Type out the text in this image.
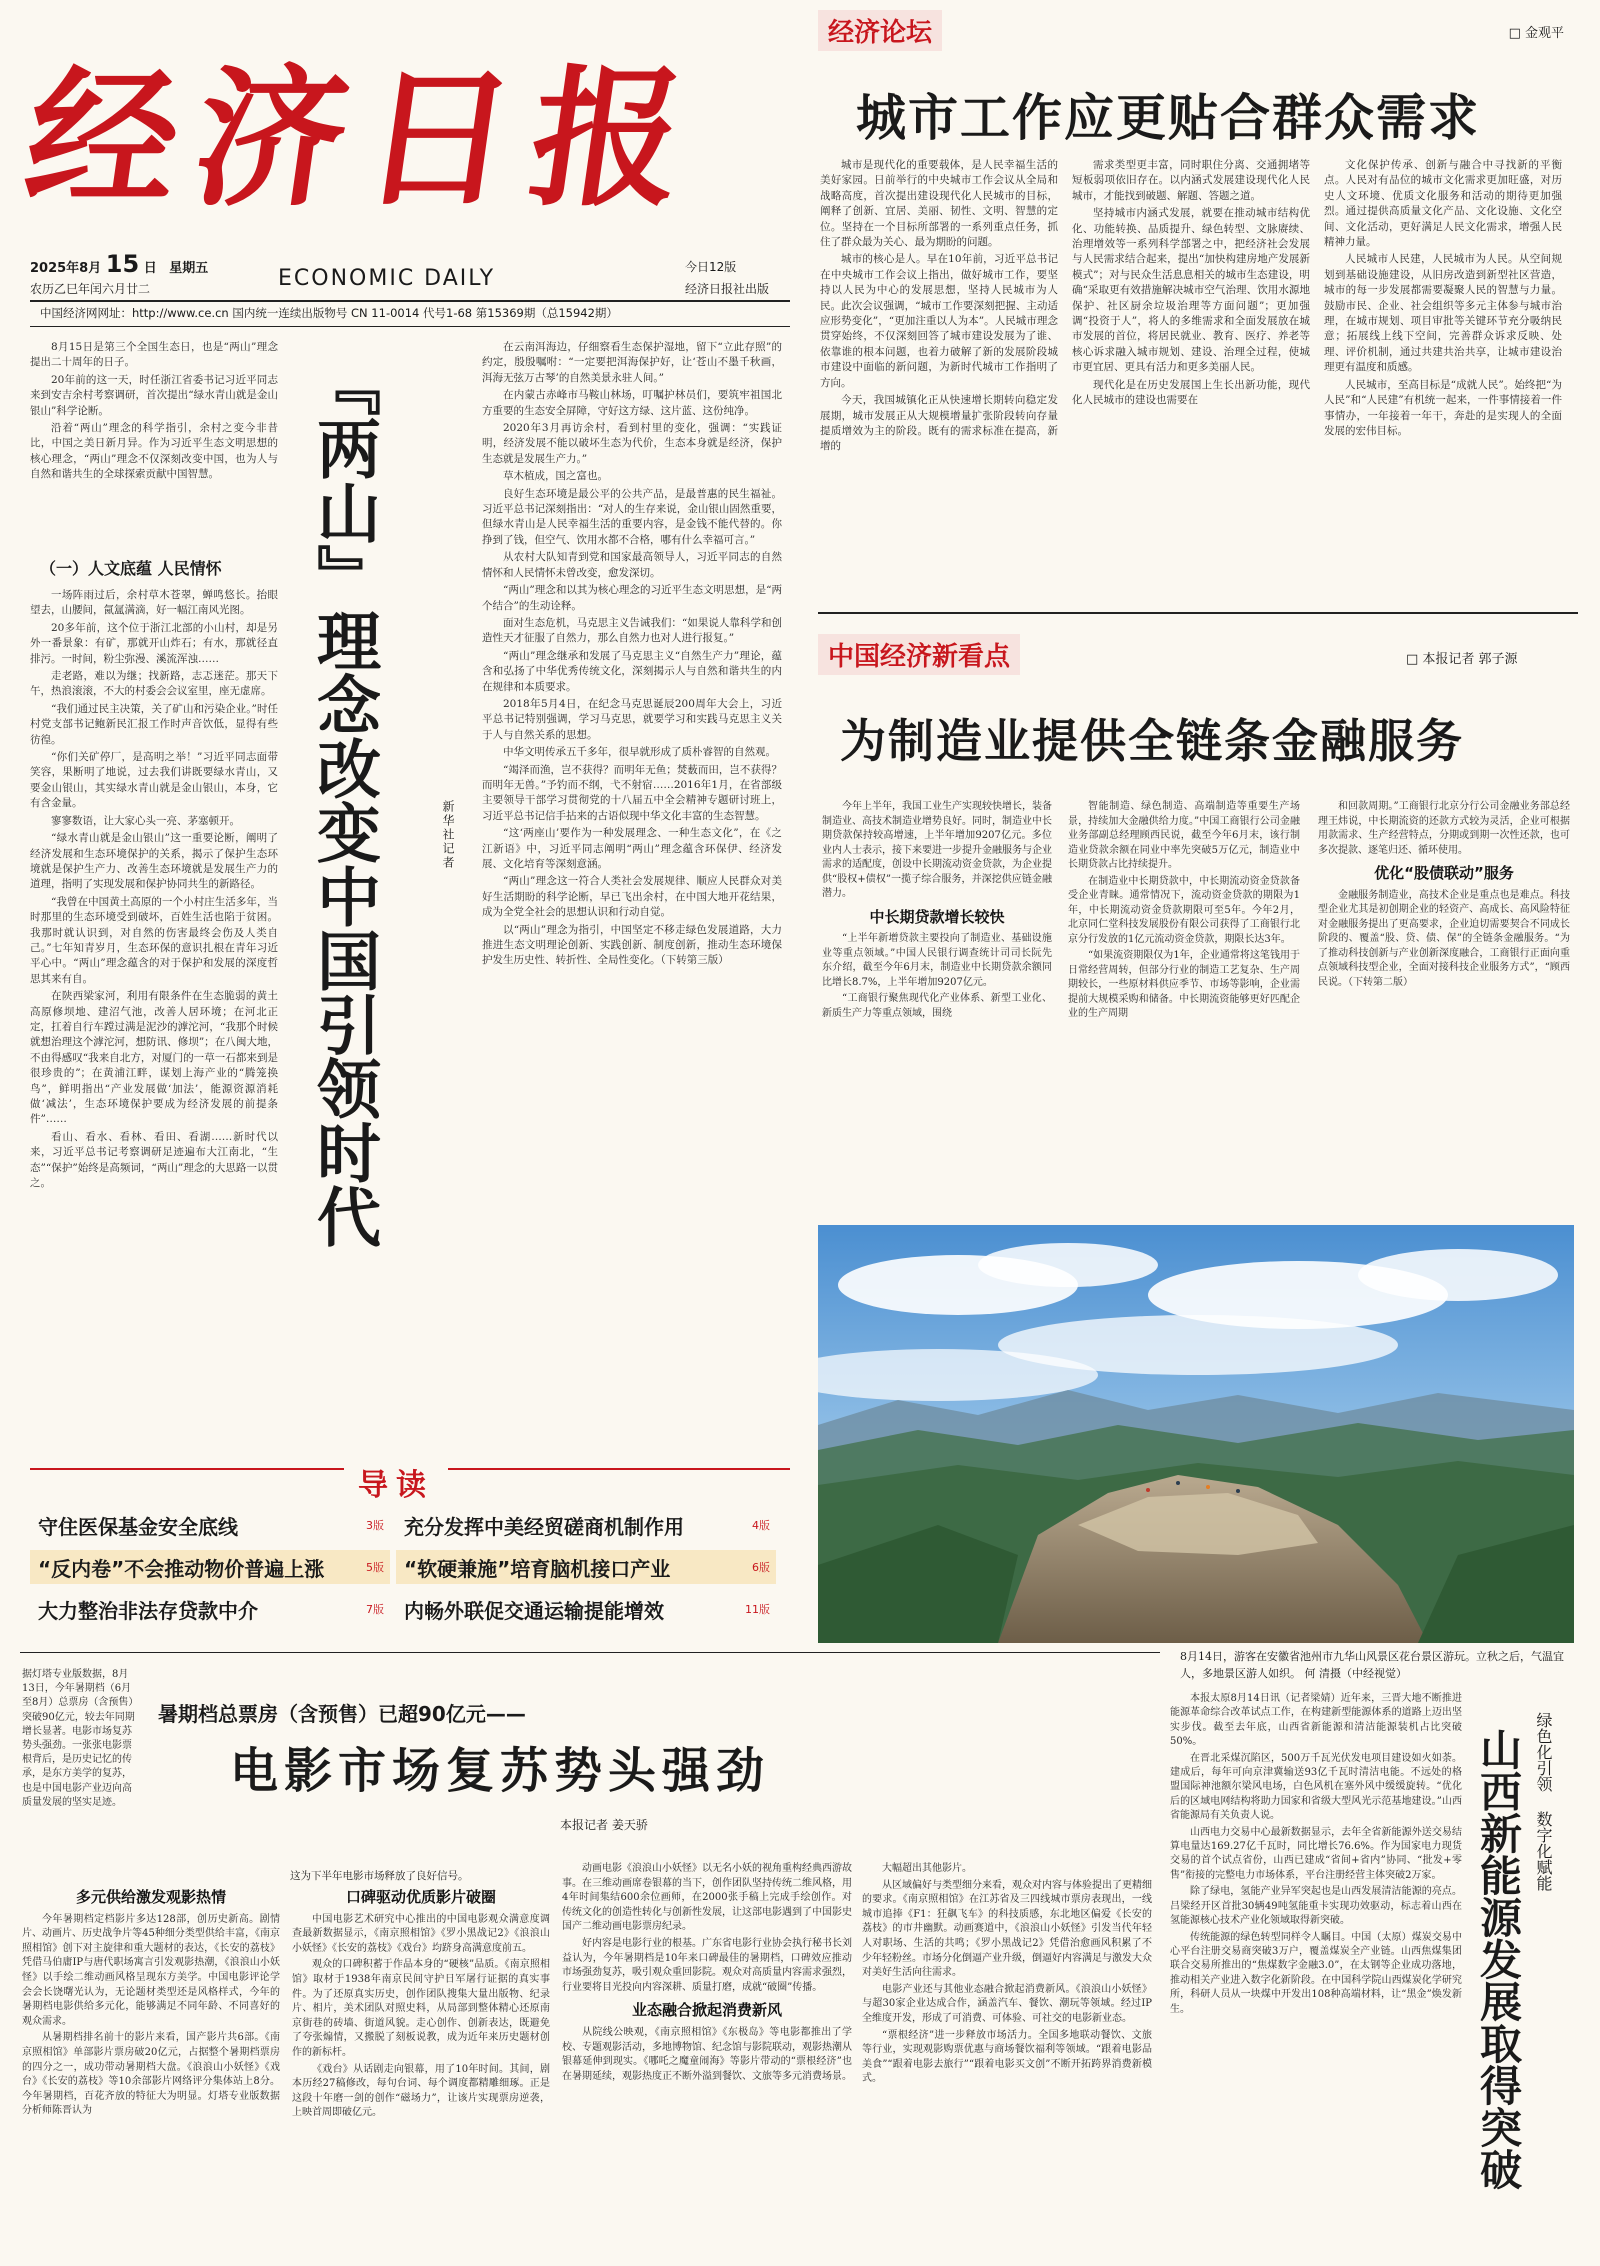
经济日报
2025年8月 15 日 星期五
农历乙巳年闰六月廿二	ECONOMIC DAILY	今日12版
经济日报社出版
中国经济网网址：http://www.ce.cn 国内统一连续出版物号 CN 11-0014 代号1-68 第15369期（总15942期）
经济论坛	□ 金观平
城市工作应更贴合群众需求

城市是现代化的重要载体，是人民幸福生活的美好家园。日前举行的中央城市工作会议从全局和战略高度，首次提出建设现代化人民城市的目标，阐释了创新、宜居、美丽、韧性、文明、智慧的定位。坚持在一个目标所部署的一系列重点任务，抓住了群众最为关心、最为期盼的问题。

城市的核心是人。早在10年前，习近平总书记在中央城市工作会议上指出，做好城市工作，要坚持以人民为中心的发展思想，坚持人民城市为人民。此次会议强调，“城市工作要深刻把握、主动适应形势变化”，“更加注重以人为本”。人民城市理念贯穿始终，不仅深刻回答了城市建设发展为了谁、依靠谁的根本问题，也着力破解了新的发展阶段城市建设中面临的新问题，为新时代城市工作指明了方向。

今天，我国城镇化正从快速增长期转向稳定发展期，城市发展正从大规模增量扩张阶段转向存量提质增效为主的阶段。既有的需求标准在提高，新增的

需求类型更丰富，同时职住分离、交通拥堵等短板弱项依旧存在。以内涵式发展建设现代化人民城市，才能找到破题、解题、答题之道。

坚持城市内涵式发展，就要在推动城市结构优化、功能转换、品质提升、绿色转型、文脉赓续、治理增效等一系列科学部署之中，把经济社会发展与人民需求结合起来，提出“加快构建房地产发展新模式”；对与民众生活息息相关的城市生态建设，明确“采取更有效措施解决城市空气治理、饮用水源地保护、社区厨余垃圾治理等方面问题”；更加强调“投资于人”，将人的多维需求和全面发展放在城市发展的首位，将居民就业、教育、医疗、养老等核心诉求融入城市规划、建设、治理全过程，使城市更宜居、更具有活力和更多美丽人民。

现代化是在历史发展国上生长出新功能，现代化人民城市的建设也需要在

文化保护传承、创新与融合中寻找新的平衡点。人民对有品位的城市文化需求更加旺盛，对历史人文环境、优质文化服务和活动的期待更加强烈。通过提供高质量文化产品、文化设施、文化空间、文化活动，更好满足人民文化需求，增强人民精神力量。

人民城市人民建，人民城市为人民。从空间规划到基础设施建设，从旧房改造到新型社区营造，城市的每一步发展都需要凝聚人民的智慧与力量。鼓励市民、企业、社会组织等多元主体参与城市治理，在城市规划、项目审批等关键环节充分吸纳民意；拓展线上线下空间，完善群众诉求反映、处理、评价机制，通过共建共治共享，让城市建设治理更有温度和质感。

人民城市，至高目标是“成就人民”。始终把“为人民”和“人民建”有机统一起来，一件事情接着一件事情办，一年接着一年干，奔赴的是实现人的全面发展的宏伟目标。

8月15日是第三个全国生态日，也是“两山”理念提出二十周年的日子。

20年前的这一天，时任浙江省委书记习近平同志来到安吉余村考察调研，首次提出“绿水青山就是金山银山”科学论断。

沿着“两山”理念的科学指引，余村之变今非昔比，中国之美日新月异。作为习近平生态文明思想的核心理念，“两山”理念不仅深刻改变中国，也为人与自然和谐共生的全球探索贡献中国智慧。

（一）人文底蕴 人民情怀

一场阵雨过后，余村草木苍翠，蝉鸣悠长。抬眼望去，山腰间，氤氲满滴，好一幅江南风光图。

20多年前，这个位于浙江北部的小山村，却是另外一番景象：有矿，那就开山炸石；有水，那就径直排污。一时间，粉尘弥漫、溪流浑浊……

走老路，难以为继；找新路，志忑迷茫。那天下午，热浪滚滚，不大的村委会会议室里，座无虚席。

“我们通过民主决策，关了矿山和污染企业。”时任村党支部书记鲍新民汇报工作时声音饮低，显得有些彷徨。

“你们关矿停厂，是高明之举！”习近平同志面带笑容，果断明了地说，过去我们讲既要绿水青山，又要金山银山，其实绿水青山就是金山银山，本身，它有含金量。

寥寥数语，让大家心头一亮、茅塞顿开。

“绿水青山就是金山银山”这一重要论断，阐明了经济发展和生态环境保护的关系，揭示了保护生态环境就是保护生产力、改善生态环境就是发展生产力的道理，指明了实现发展和保护协同共生的新路径。

“我曾在中国黄土高原的一个小村庄生活多年，当时那里的生态环境受到破坏，百姓生活也陷于贫困。我那时就认识到，对自然的伤害最终会伤及人类自己。”七年知青岁月，生态环保的意识扎根在青年习近平心中。“两山”理念蕴含的对于保护和发展的深度哲思其来有自。

在陕西梁家河，利用有限条件在生态脆弱的黄土高原修坝地、建沼气池，改善人居环境；在河北正定，扛着自行车蹚过满是泥沙的滹沱河，“我那个时候就想治理这个滹沱河，想防讯、修坝”；在八闽大地，不由得感叹“我来自北方，对厦门的一草一石都来到是很珍贵的”；在黄浦江畔，谋划上海产业的“腾笼换鸟”，鲜明指出“产业发展做‘加法’，能源资源消耗做‘减法’，生态环境保护要成为经济发展的前提条件”……

看山、看水、看林、看田、看湖……新时代以来，习近平总书记考察调研足迹遍布大江南北，“生态”“保护”始终是高频词，“两山”理念的大思路一以贯之。	『两山』理念改变中国引领时代	新华社记者

在云南洱海边，仔细察看生态保护湿地，留下“立此存照”的约定，殷殷嘱咐：“一定要把洱海保护好，让‘苍山不墨千秋画，洱海无弦万古琴’的自然美景永驻人间。”

在内蒙古赤峰市马鞍山林场，叮嘱护林员们，要筑牢祖国北方重要的生态安全屏障，守好这方绿、这片蓝、这份纯净。

2020年3月再访余村，看到村里的变化，强调：“实践证明，经济发展不能以破坏生态为代价，生态本身就是经济，保护生态就是发展生产力。”

草木植成，国之富也。

良好生态环境是最公平的公共产品，是最普惠的民生福祉。习近平总书记深刻指出：“对人的生存来说，金山银山固然重要，但绿水青山是人民幸福生活的重要内容，是金钱不能代替的。你挣到了钱，但空气、饮用水都不合格，哪有什么幸福可言。”

从农村大队知青到党和国家最高领导人，习近平同志的自然情怀和人民情怀未曾改变，愈发深切。

“两山”理念和以其为核心理念的习近平生态文明思想，是“两个结合”的生动诠释。

面对生态危机，马克思主义告诫我们：“如果说人靠科学和创造性天才征服了自然力，那么自然力也对人进行报复。”

“两山”理念继承和发展了马克思主义“自然生产力”理论，蕴含和弘扬了中华优秀传统文化，深刻揭示人与自然和谐共生的内在规律和本质要求。

2018年5月4日，在纪念马克思诞辰200周年大会上，习近平总书记特别强调，学习马克思，就要学习和实践马克思主义关于人与自然关系的思想。

中华文明传承五千多年，很早就形成了质朴睿智的自然观。

“竭泽而渔，岂不获得？而明年无鱼；焚薮而田，岂不获得？而明年无兽。”予钓而不纲，弋不射宿……2016年1月，在省部级主要领导干部学习贯彻党的十八届五中全会精神专题研讨班上，习近平总书记信手拈来的古语似现中华文化丰富的生态智慧。

“这‘两座山’要作为一种发展理念、一种生态文化”，在《之江新语》中，习近平同志阐明“两山”理念蕴含环保伊、经济发展、文化培育等深刻意涵。

“两山”理念这一符合人类社会发展规律、顺应人民群众对美好生活期盼的科学论断，早已飞出余村，在中国大地开花结果，成为全党全社会的思想认识和行动自觉。

以“两山”理念为指引，中国坚定不移走绿色发展道路，大力推进生态文明理论创新、实践创新、制度创新，推动生态环境保护发生历史性、转折性、全局性变化。（下转第三版）

导读
守住医保基金安全底线	3版 充分发挥中美经贸磋商机制作用	4版
“反内卷”不会推动物价普遍上涨	5版 “软硬兼施”培育脑机接口产业	6版
大力整治非法存贷款中介	7版 内畅外联促交通运输提能增效	11版
中国经济新看点	□ 本报记者 郭子源
为制造业提供全链条金融服务

今年上半年，我国工业生产实现较快增长，装备制造业、高技术制造业增势良好。同时，制造业中长期贷款保持较高增速，上半年增加9207亿元。多位业内人士表示，接下来要进一步提升金融服务与企业需求的适配度，创设中长期流动资金贷款，为企业提供“股权+债权”一揽子综合服务，并深挖供应链金融潜力。

中长期贷款增长较快

“上半年新增贷款主要投向了制造业、基础设施业等重点领域。”中国人民银行调查统计司司长阮先东介绍，截至今年6月末，制造业中长期贷款余额同比增长8.7%，上半年增加9207亿元。

“工商银行聚焦现代化产业体系、新型工业化、新质生产力等重点领域，围绕

智能制造、绿色制造、高端制造等重要生产场景，持续加大金融供给力度。”中国工商银行公司金融业务部副总经理顾西民说，截至今年6月末，该行制造业贷款余额在同业中率先突破5万亿元，制造业中长期贷款占比持续提升。

在制造业中长期贷款中，中长期流动资金贷款备受企业青睐。通常情况下，流动资金贷款的期限为1年，中长期流动资金贷款期限可至5年。今年2月，北京同仁堂科技发展股份有限公司获得了工商银行北京分行发放的1亿元流动资金贷款，期限长达3年。

“如果流资期限仅为1年，企业通常将这笔钱用于日常经营周转，但部分行业的制造工艺复杂、生产周期较长，一些原材料供应季节、市场等影响，企业需提前大规模采购和储备。中长期流资能够更好匹配企业的生产周期

和回款周期。”工商银行北京分行公司金融业务部总经理王炜说，中长期流资的还款方式较为灵活，企业可根据用款需求、生产经营特点，分期或到期一次性还款，也可多次提款、逐笔归还、循环使用。

优化“股债联动”服务

金融服务制造业，高技术企业是重点也是难点。科技型企业尤其是初创期企业的轻资产、高成长、高风险特征对金融服务提出了更高要求，企业迫切需要契合不同成长阶段的、覆盖“股、贷、债、保”的全链条金融服务。“为了推动科技创新与产业创新深度融合，工商银行正面向重点领域科技型企业，全面对接科技企业服务方式”，“顾西民说。（下转第二版）

8月14日，游客在安徽省池州市九华山风景区花台景区游玩。立秋之后，气温宜人，多地景区游人如织。 何 清摄（中经视觉）

据灯塔专业版数据，8月13日，今年暑期档（6月至8月）总票房（含预售）突破90亿元，较去年同期增长显著。电影市场复苏势头强劲。一张张电影票根背后，是历史记忆的传承，是东方美学的复苏，也是中国电影产业迈向高质量发展的坚实足迹。

暑期档总票房（含预售）已超90亿元——
电影市场复苏势头强劲
本报记者 姜天骄
这为下半年电影市场释放了良好信号。
多元供给激发观影热情

今年暑期档定档影片多达128部，创历史新高。剧情片、动画片、历史战争片等45种细分类型供给丰富，《南京照相馆》创下对主旋律和重大题材的表达，《长安的荔枝》凭借马伯庸IP与唐代职场寓言引发观影热潮，《浪浪山小妖怪》以手绘二维动画风格呈现东方美学。中国电影评论学会会长饶曙光认为，无论题材类型还是风格样式，今年的暑期档电影供给多元化，能够满足不同年龄、不同喜好的观众需求。

从暑期档排名前十的影片来看，国产影片共6部。《南京照相馆》单部影片票房破20亿元，占据整个暑期档票房的四分之一，成功带动暑期档大盘。《浪浪山小妖怪》《戏台》《长安的荔枝》等10余部影片网络评分集体站上8分。今年暑期档，百花齐放的特征大为明显。灯塔专业版数据分析师陈晋认为

口碑驱动优质影片破圈

中国电影艺术研究中心推出的中国电影观众满意度调查最新数据显示，《南京照相馆》《罗小黑战记2》《浪浪山小妖怪》《长安的荔枝》《戏台》均跻身高满意度前五。

观众的口碑积蓄于作品本身的“硬核”品质。《南京照相馆》取材于1938年南京民间守护日军屠行证据的真实事件。为了还原真实历史，创作团队搜集大量出版物、纪录片、相片，美术团队对照史料，从局部到整体精心还原南京街巷的砖墙、街道风貌。走心创作、创新表达，既避免了夸张煽情，又搬脱了刻板说教，成为近年来历史题材创作的新标杆。

《戏台》从话剧走向银幕，用了10年时间。其间，剧本历经27稿修改，每句台词、每个调度都精雕细琢。正是这段十年磨一剑的创作“磁场力”，让该片实现票房逆袭，上映首周即破亿元。

动画电影《浪浪山小妖怪》以无名小妖的视角重构经典西游故事。在三维动画席卷银幕的当下，创作团队坚持传统二维风格，用4年时间集结600余位画师，在2000张手稿上完成手绘创作。对传统文化的创造性转化与创新性发展，让这部电影遇到了中国影史国产二维动画电影票房纪录。

好内容是电影行业的根基。广东省电影行业协会执行秘书长刘益认为，今年暑期档是10年来口碑最佳的暑期档，口碑效应推动市场强劲复苏，吸引观众重回影院。观众对高质量内容需求强烈，行业要将目光投向内容深耕、质量打磨，成就“破圈”传播。

业态融合掀起消费新风

从院线公映观，《南京照相馆》《东极岛》等电影都推出了学校、专题观影活动，多地博物馆、纪念馆与影院联动，观影热潮从银幕延伸到现实。《哪吒之魔童闹海》等影片带动的“票根经济”也在暑期延续，观影热度正不断外溢到餐饮、文旅等多元消费场景。

大幅超出其他影片。

从区域偏好与类型细分来看，观众对内容与体验提出了更精细的要求。《南京照相馆》在江苏省及三四线城市票房表现出，一线城市追捧《F1：狂飙飞车》的科技质感，东北地区偏爱《长安的荔枝》的市井幽默。动画赛道中，《浪浪山小妖怪》引发当代年轻人对职场、生活的共鸣；《罗小黑战记2》凭借治愈画风积累了不少年轻粉丝。市场分化倒逼产业升级，倒逼好内容满足与激发大众对美好生活向往需求。

电影产业还与其他业态融合掀起消费新风。《浪浪山小妖怪》与超30家企业达成合作，涵盖汽车、餐饮、潮玩等领域。经过IP全维度开发，形成了可消费、可体验、可社交的电影新业态。

“票根经济”进一步释放市场活力。全国多地联动餐饮、文旅等行业，实现观影购票优惠与商场餐饮福利等领域。“跟着电影品美食”“跟着电影去旅行”“跟着电影买文创”不断开拓跨界消费新模式。

本报太原8月14日讯（记者梁婧）近年来，三晋大地不断推进能源革命综合改革试点工作，在构建新型能源体系的道路上迈出坚实步伐。截至去年底，山西省新能源和清洁能源装机占比突破50%。

在晋北采煤沉陷区，500万千瓦光伏发电项目建设如火如荼。建成后，每年可向京津冀输送93亿千瓦时清洁电能。不远处的格盟国际神池额尔梁风电场，白色风机在塞外风中缓缓旋转。“优化后的区域电网结构将助力国家和省级大型风光示范基地建设。”山西省能源局有关负责人说。

山西电力交易中心最新数据显示，去年全省新能源外送交易结算电量达169.27亿千瓦时，同比增长76.6%。作为国家电力现货交易的首个试点省份，山西已建成“省间+省内”协同、“批发+零售”衔接的完整电力市场体系，平台注册经营主体突破2万家。

除了绿电，氢能产业异军突起也是山西发展清洁能源的亮点。吕梁经开区首批30辆49吨氢能重卡实现功效驱动，标志着山西在氢能源核心技术产业化领域取得新突破。

传统能源的绿色转型同样令人瞩目。中国（太原）煤炭交易中心平台注册交易商突破3万户，覆盖煤炭全产业链。山西焦煤集团联合交易所推出的“焦煤数字金融3.0”，在太钢等企业成功落地，推动相关产业进入数字化新阶段。在中国科学院山西煤炭化学研究所，科研人员从一块煤中开发出108种高端材料，让“黑金”焕发新生。	山西新能源发展取得突破 绿色化引领 数字化赋能
